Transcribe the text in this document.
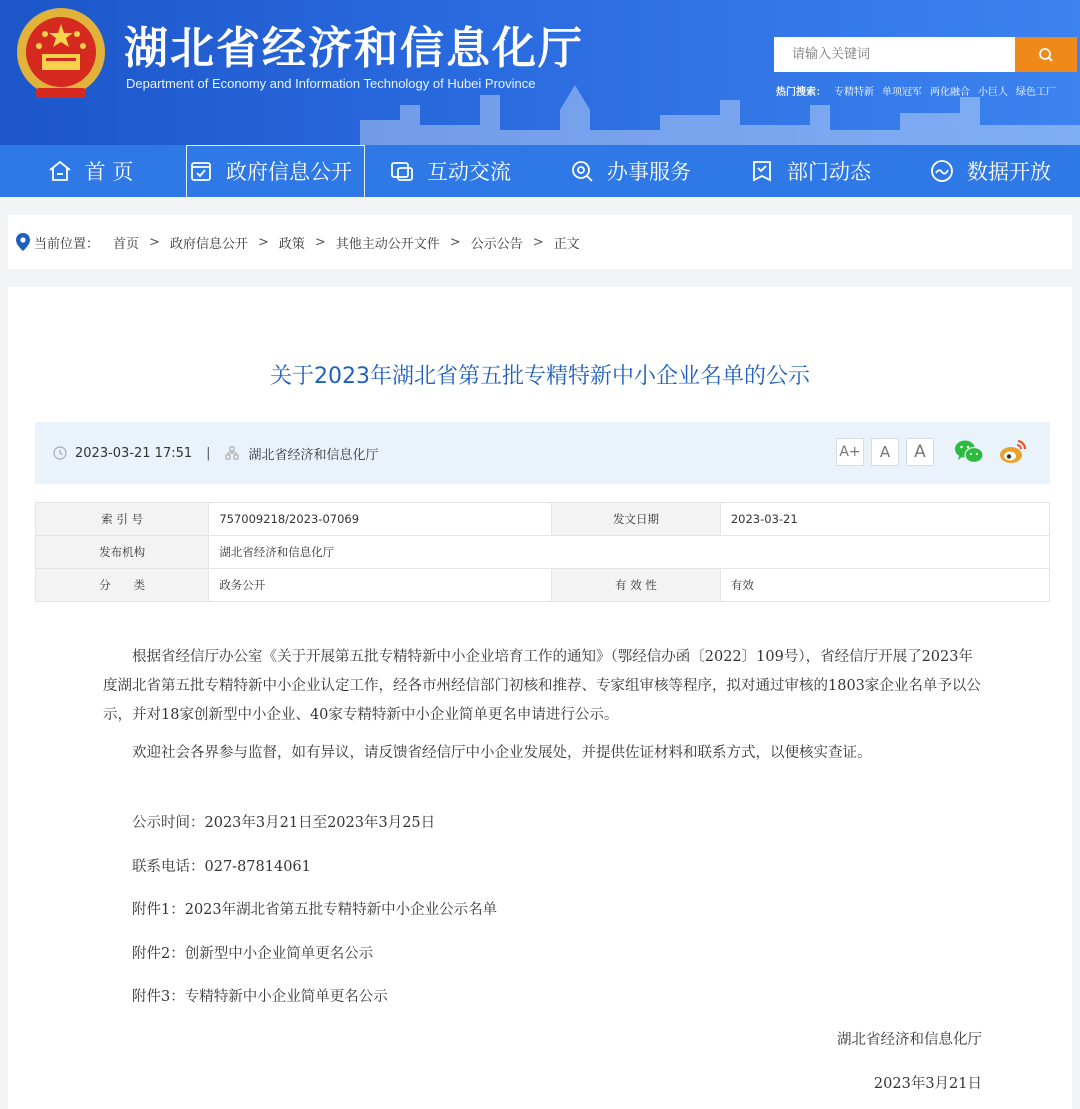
湖北省经济和信息化厅
Department of Economy and Information Technology of Hubei Province
请输入关键词
热门搜索： 专精特新 单项冠军 两化融合 小巨人 绿色工厂
首 页	政府信息公开	互动交流	办事服务	部门动态	数据开放
当前位置： 首页 > 政府信息公开 > 政策 > 其他主动公开文件 > 公示公告 > 正文
关于2023年湖北省第五批专精特新中小企业名单的公示
2023-03-21 17:51 |	湖北省经济和信息化厅	A+ A A
索 引 号	757009218/2023-07069	发文日期	2023-03-21
发布机构	湖北省经济和信息化厅		
分　　类	政务公开	有 效 性	有效

根据省经信厅办公室《关于开展第五批专精特新中小企业培育工作的通知》（鄂经信办函〔2022〕109号），省经信厅开展了2023年度湖北省第五批专精特新中小企业认定工作，经各市州经信部门初核和推荐、专家组审核等程序，拟对通过审核的1803家企业名单予以公示，并对18家创新型中小企业、40家专精特新中小企业简单更名申请进行公示。

欢迎社会各界参与监督，如有异议，请反馈省经信厅中小企业发展处，并提供佐证材料和联系方式，以便核实查证。

公示时间：2023年3月21日至2023年3月25日

联系电话：027-87814061

附件1：2023年湖北省第五批专精特新中小企业公示名单

附件2：创新型中小企业简单更名公示

附件3：专精特新中小企业简单更名公示

湖北省经济和信息化厅
2023年3月21日
